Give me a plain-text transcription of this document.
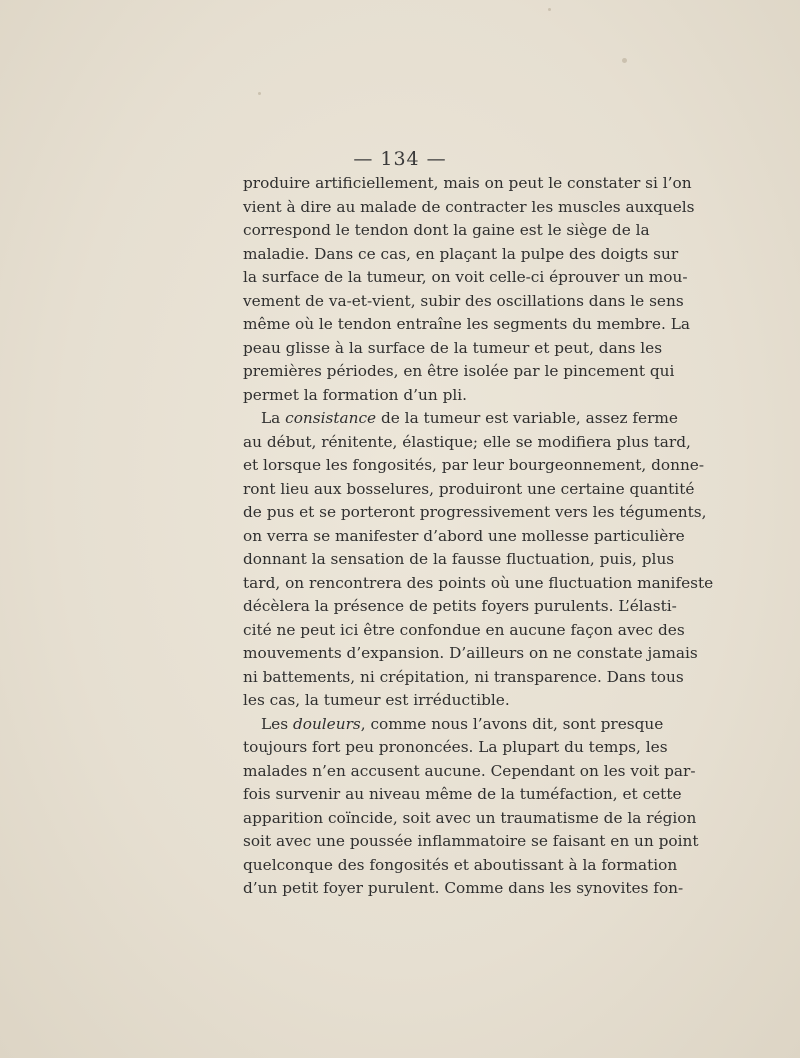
— 134 —
produire artificiellement, mais on peut le constater si l’on
vient à dire au malade de contracter les muscles auxquels
correspond le tendon dont la gaine est le siège de la
maladie. Dans ce cas, en plaçant la pulpe des doigts sur
la surface de la tumeur, on voit celle-ci éprouver un mou-
vement de va-et-vient, subir des oscillations dans le sens
même où le tendon entraîne les segments du membre. La
peau glisse à la surface de la tumeur et peut, dans les
premières périodes, en être isolée par le pincement qui
permet la formation d’un pli.
La consistance de la tumeur est variable, assez ferme
au début, rénitente, élastique; elle se modifiera plus tard,
et lorsque les fongosités, par leur bourgeonnement, donne-
ront lieu aux bosselures, produiront une certaine quantité
de pus et se porteront progressivement vers les téguments,
on verra se manifester d’abord une mollesse particulière
donnant la sensation de la fausse fluctuation, puis, plus
tard, on rencontrera des points où une fluctuation manifeste
décèlera la présence de petits foyers purulents. L’élasti-
cité ne peut ici être confondue en aucune façon avec des
mouvements d’expansion. D’ailleurs on ne constate jamais
ni battements, ni crépitation, ni transparence. Dans tous
les cas, la tumeur est irréductible.
Les douleurs, comme nous l’avons dit, sont presque
toujours fort peu prononcées. La plupart du temps, les
malades n’en accusent aucune. Cependant on les voit par-
fois survenir au niveau même de la tuméfaction, et cette
apparition coïncide, soit avec un traumatisme de la région
soit avec une poussée inflammatoire se faisant en un point
quelconque des fongosités et aboutissant à la formation
d’un petit foyer purulent. Comme dans les synovites fon-
